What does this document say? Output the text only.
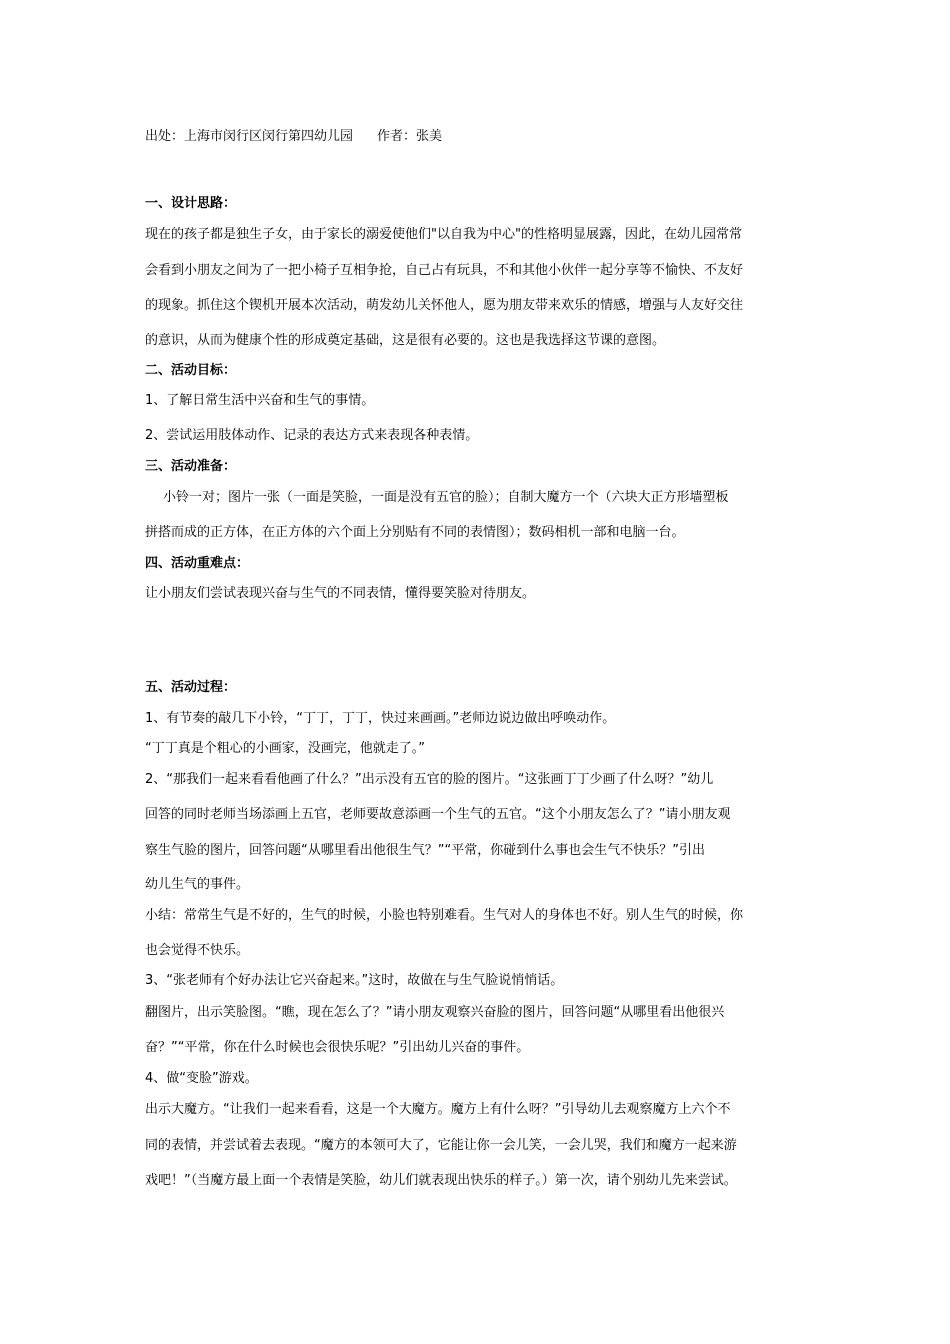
出处：上海市闵行区闵行第四幼儿园 作者：张美
一、设计思路：
现在的孩子都是独生子女，由于家长的溺爱使他们"以自我为中心"的性格明显展露，因此，在幼儿园常常
会看到小朋友之间为了一把小椅子互相争抢，自己占有玩具，不和其他小伙伴一起分享等不愉快、不友好
的现象。抓住这个锲机开展本次活动，萌发幼儿关怀他人，愿为朋友带来欢乐的情感，增强与人友好交往
的意识，从而为健康个性的形成奠定基础，这是很有必要的。这也是我选择这节课的意图。
二、活动目标：
1、了解日常生活中兴奋和生气的事情。
2、尝试运用肢体动作、记录的表达方式来表现各种表情。
三、活动准备：
小铃一对；图片一张（一面是笑脸，一面是没有五官的脸）；自制大魔方一个（六块大正方形墙塑板
拼搭而成的正方体，在正方体的六个面上分别贴有不同的表情图）；数码相机一部和电脑一台。
四、活动重难点：
让小朋友们尝试表现兴奋与生气的不同表情，懂得要笑脸对待朋友。
五、活动过程：
1、有节奏的敲几下小铃，“丁丁，丁丁，快过来画画。”老师边说边做出呼唤动作。
“丁丁真是个粗心的小画家，没画完，他就走了。”
2、“那我们一起来看看他画了什么？”出示没有五官的脸的图片。“这张画丁丁少画了什么呀？”幼儿
回答的同时老师当场添画上五官，老师要故意添画一个生气的五官。“这个小朋友怎么了？”请小朋友观
察生气脸的图片，回答问题“从哪里看出他很生气？”“平常，你碰到什么事也会生气不快乐？”引出
幼儿生气的事件。
小结：常常生气是不好的，生气的时候，小脸也特别难看。生气对人的身体也不好。别人生气的时候，你
也会觉得不快乐。
3、“张老师有个好办法让它兴奋起来。”这时，故做在与生气脸说悄悄话。
翻图片，出示笑脸图。“瞧，现在怎么了？”请小朋友观察兴奋脸的图片，回答问题“从哪里看出他很兴
奋？”“平常，你在什么时候也会很快乐呢？”引出幼儿兴奋的事件。
4、做“变脸”游戏。
出示大魔方。“让我们一起来看看，这是一个大魔方。魔方上有什么呀？”引导幼儿去观察魔方上六个不
同的表情，并尝试着去表现。“魔方的本领可大了，它能让你一会儿笑，一会儿哭，我们和魔方一起来游
戏吧！”（当魔方最上面一个表情是笑脸，幼儿们就表现出快乐的样子。）第一次，请个别幼儿先来尝试。
